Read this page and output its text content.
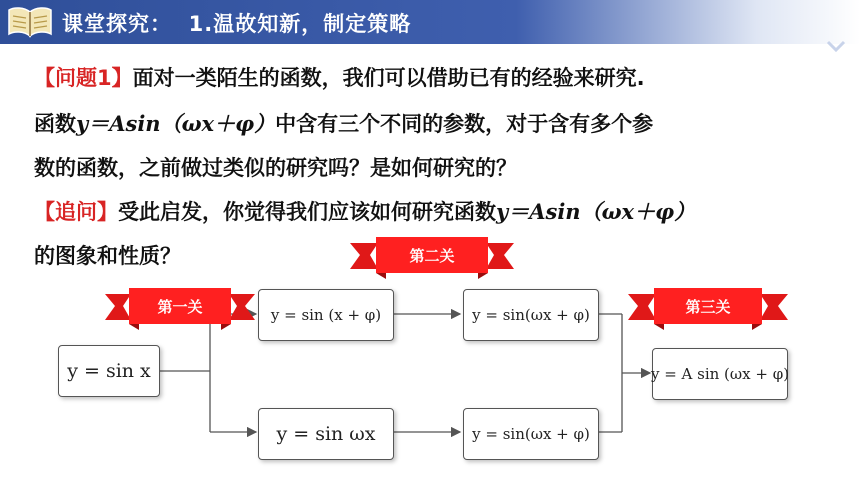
课堂探究：  1.温故知新，制定策略
【问题1】面对一类陌生的函数，我们可以借助已有的经验来研究.
函数y＝Asin（ωx＋φ）中含有三个不同的参数，对于含有多个参
数的函数，之前做过类似的研究吗？是如何研究的？
【追问】受此启发，你觉得我们应该如何研究函数y＝Asin（ωx＋φ）
的图象和性质？
y = sin x
y = sin (x + φ)	y = sin(ωx + φ)
y = sin ωx	y = sin(ωx + φ)
y = A sin (ωx + φ)
第一关
第二关
第三关
